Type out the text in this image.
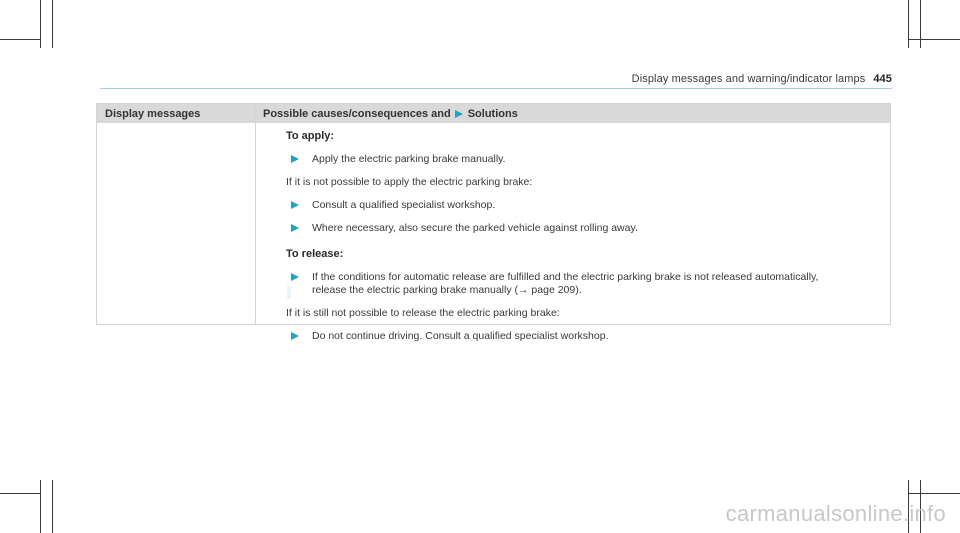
Display messages and warning/indicator lamps 445
Display messages	Possible causes/consequences and Solutions
To apply:
Apply the electric parking brake manually.
If it is not possible to apply the electric parking brake:
Consult a qualified specialist workshop.
Where necessary, also secure the parked vehicle against rolling away.
To release:
If the conditions for automatic release are fulfilled and the electric parking brake is not released automatically,
release the electric parking brake manually (→ page 209).
If it is still not possible to release the electric parking brake:
Do not continue driving. Consult a qualified specialist workshop.
carmanualsonline.info
